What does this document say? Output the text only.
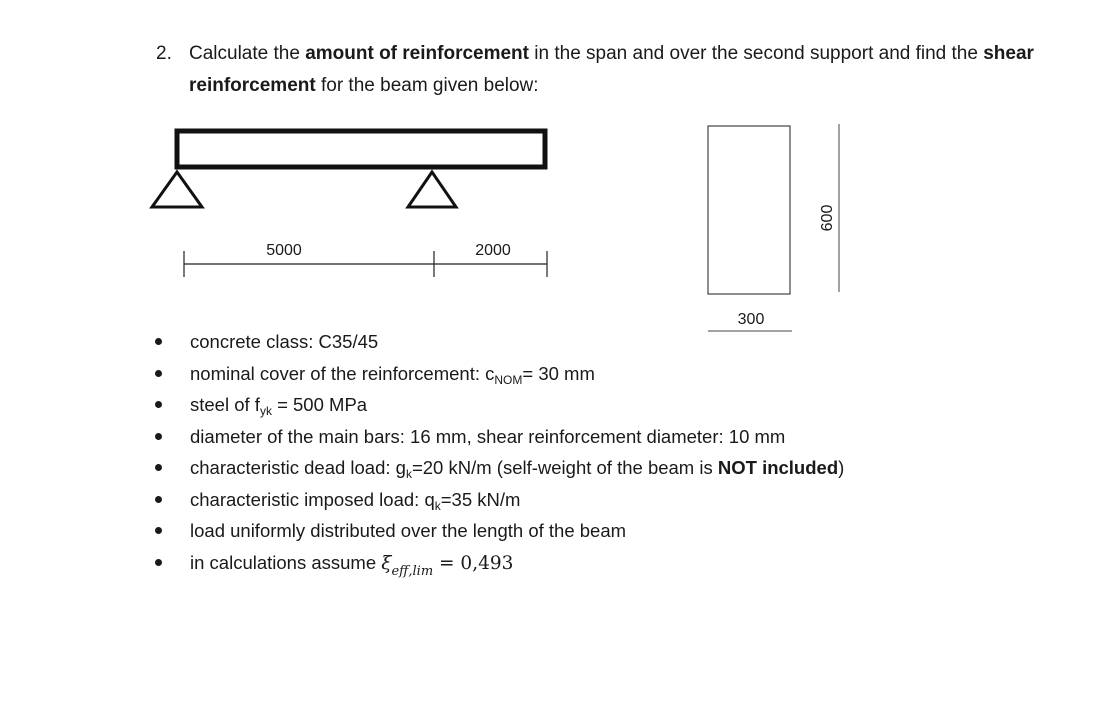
2. Calculate the amount of reinforcement in the span and over the second support and find the shear reinforcement for the beam given below:
5000	2000
600
300
concrete class: C35/45
nominal cover of the reinforcement: $c_{NOM}= 30$ mm
steel of $f_{yk} = 500$ MPa
diameter of the main bars: 16 mm, shear reinforcement diameter: 10 mm
characteristic dead load: $g_k=20$ kN/m (self-weight of the beam is NOT included)
characteristic imposed load: $q_k=35$ kN/m
load uniformly distributed over the length of the beam
in calculations assume $\xi_{eff,lim} = 0,493$
